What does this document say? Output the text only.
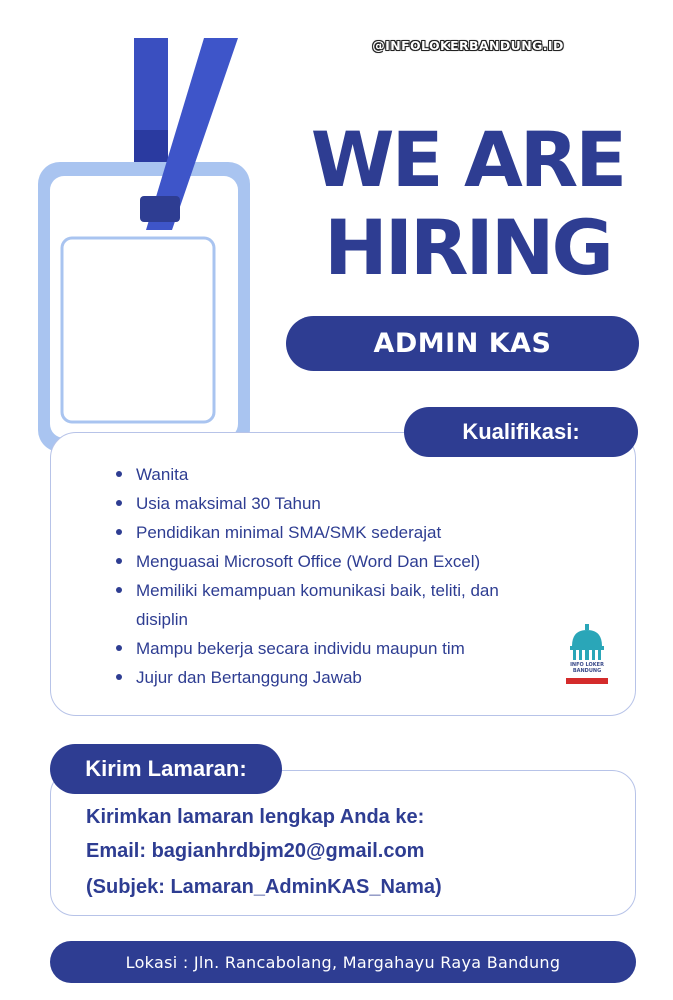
@INFOLOKERBANDUNG.ID
WE ARE
HIRING
ADMIN KAS
Kualifikasi:
Wanita
Usia maksimal 30 Tahun
Pendidikan minimal SMA/SMK sederajat
Menguasai Microsoft Office (Word Dan Excel)
Memiliki kemampuan komunikasi baik, teliti, dan disiplin
Mampu bekerja secara individu maupun tim
Jujur dan Bertanggung Jawab
INFO LOKER
BANDUNG
Kirim Lamaran:
Kirimkan lamaran lengkap Anda ke:
Email: bagianhrdbjm20@gmail.com
(Subjek: Lamaran_AdminKAS_Nama)
Lokasi : Jln. Rancabolang, Margahayu Raya Bandung
